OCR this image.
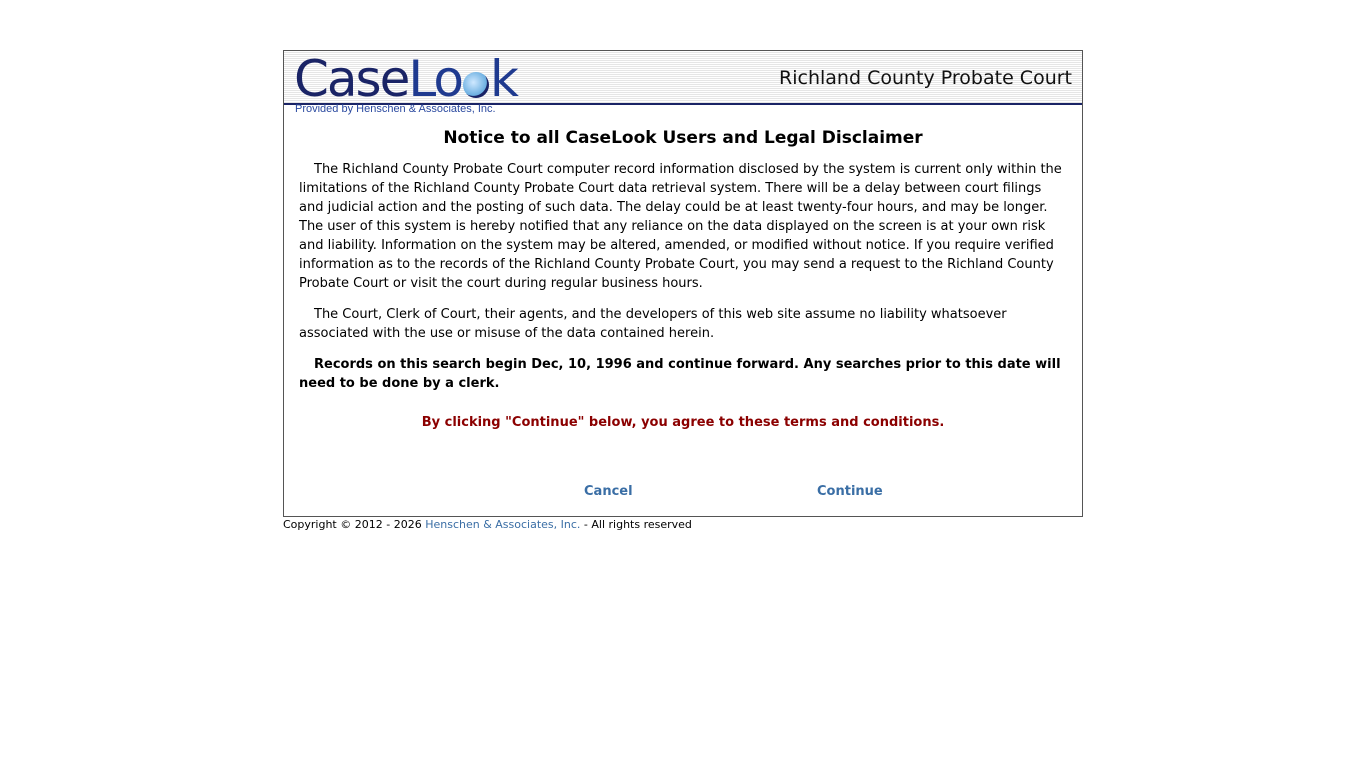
CaseLo k	Richland County Probate Court
Provided by Henschen & Associates, Inc.
Notice to all CaseLook Users and Legal Disclaimer

The Richland County Probate Court computer record information disclosed by the system is current only within the limitations of the Richland County Probate Court data retrieval system. There will be a delay between court filings and judicial action and the posting of such data. The delay could be at least twenty-four hours, and may be longer. The user of this system is hereby notified that any reliance on the data displayed on the screen is at your own risk and liability. Information on the system may be altered, amended, or modified without notice. If you require verified information as to the records of the Richland County Probate Court, you may send a request to the Richland County Probate Court or visit the court during regular business hours.

The Court, Clerk of Court, their agents, and the developers of this web site assume no liability whatsoever associated with the use or misuse of the data contained herein.

Records on this search begin Dec, 10, 1996 and continue forward. Any searches prior to this date will need to be done by a clerk.

By clicking "Continue" below, you agree to these terms and conditions.
Cancel	Continue
Copyright © 2012 - 2026 Henschen & Associates, Inc. - All rights reserved
